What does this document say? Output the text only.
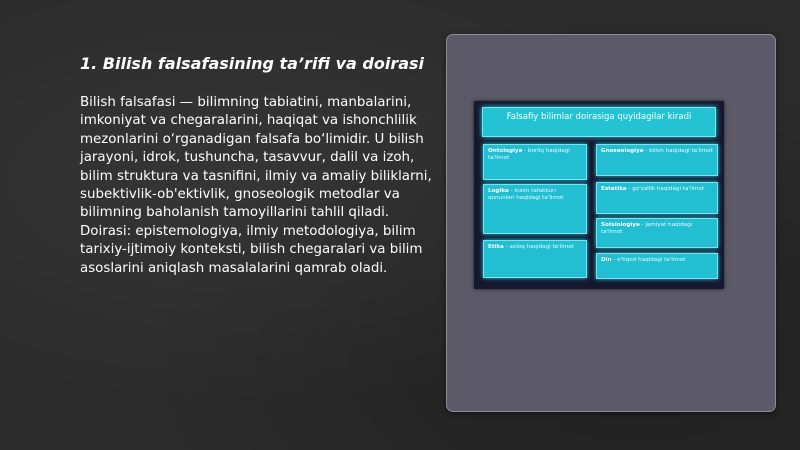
1. Bilish falsafasining ta’rifi va doirasi
Bilish falsafasi — bilimning tabiatini, manbalarini, imkoniyat va chegaralarini, haqiqat va ishonchlilik mezonlarini o‘rganadigan falsafa bo‘limidir. U bilish jarayoni, idrok, tushuncha, tasavvur, dalil va izoh, bilim struktura va tasnifini, ilmiy va amaliy biliklarni, subektivlik-ob'ektivlik, gnoseologik metodlar va bilimning baholanish tamoyillarini tahlil qiladi. Doirasi: epistemologiya, ilmiy metodologiya, bilim tarixiy-ijtimoiy konteksti, bilish chegaralari va bilim asoslarini aniqlash masalalarini qamrab oladi.
Falsafiy bilimlar doirasiga quyidagilar kiradi
Ontologiya - borliq haqidagi ta'limot
Logika - inson tafakkuri qonunlari haqidagi ta'limot
Etika - axloq haqidagi ta'limot
Gnoseologiya - bilish haqidagi ta'limot
Estetika - go'zallik haqidagi ta'limot
Sotsiologiya - jamiyat haqidagi ta'limot
Din - e'tiqod haqidagi ta'limot
